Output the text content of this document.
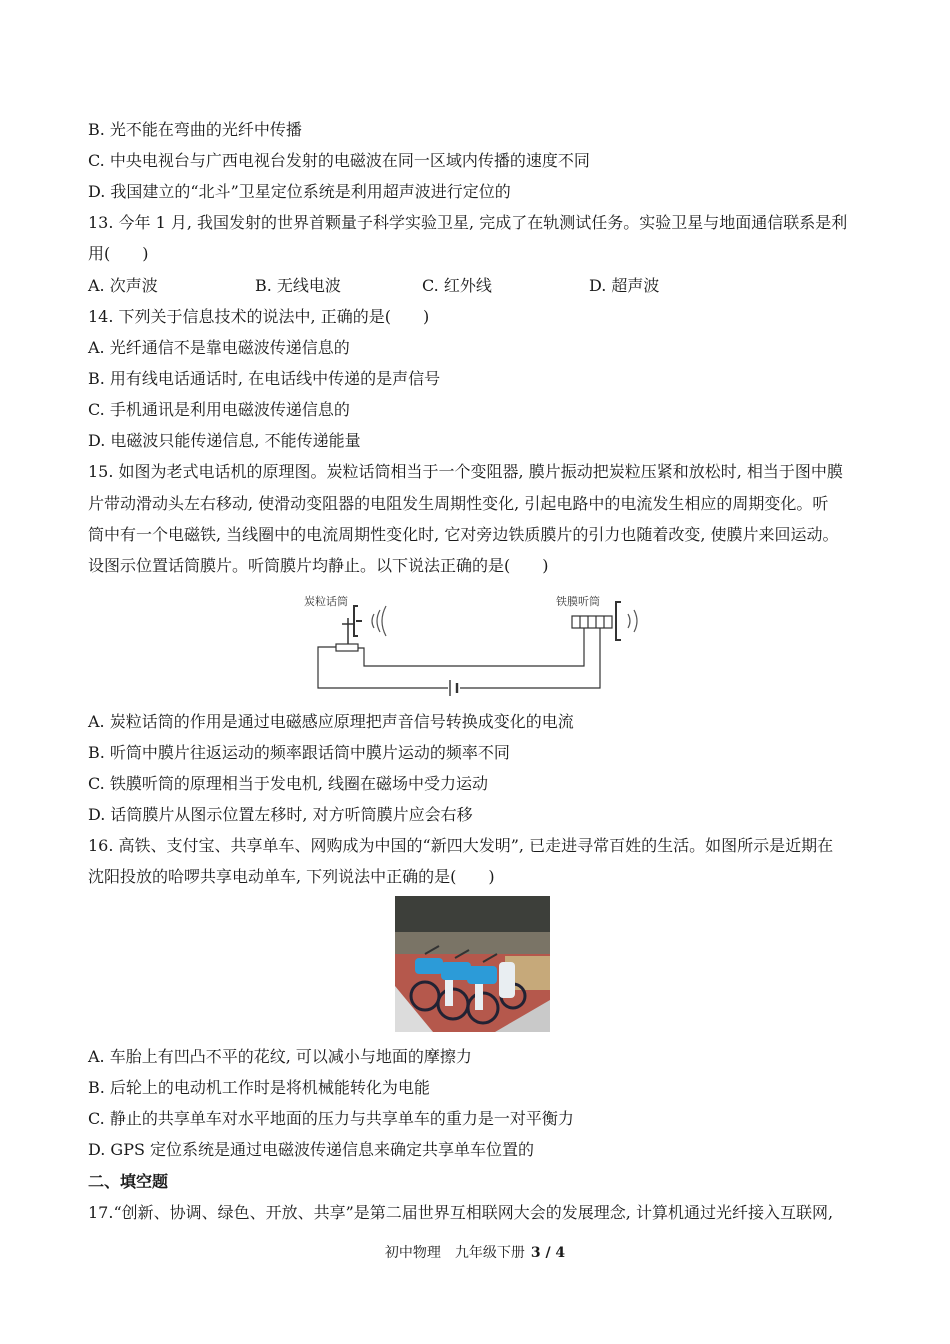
B. 光不能在弯曲的光纤中传播
C. 中央电视台与广西电视台发射的电磁波在同一区域内传播的速度不同
D. 我国建立的“北斗”卫星定位系统是利用超声波进行定位的
13. 今年 1 月, 我国发射的世界首颗量子科学实验卫星, 完成了在轨测试任务。实验卫星与地面通信联系是利
用(　　)
A. 次声波	B. 无线电波	C. 红外线	D. 超声波
14. 下列关于信息技术的说法中, 正确的是(　　)
A. 光纤通信不是靠电磁波传递信息的
B. 用有线电话通话时, 在电话线中传递的是声信号
C. 手机通讯是利用电磁波传递信息的
D. 电磁波只能传递信息, 不能传递能量
15. 如图为老式电话机的原理图。炭粒话筒相当于一个变阻器, 膜片振动把炭粒压紧和放松时, 相当于图中膜
片带动滑动头左右移动, 使滑动变阻器的电阻发生周期性变化, 引起电路中的电流发生相应的周期变化。听
筒中有一个电磁铁, 当线圈中的电流周期性变化时, 它对旁边铁质膜片的引力也随着改变, 使膜片来回运动。
设图示位置话筒膜片。听筒膜片均静止。以下说法正确的是(　　)
炭粒话筒	铁膜听筒
A. 炭粒话筒的作用是通过电磁感应原理把声音信号转换成变化的电流
B. 听筒中膜片往返运动的频率跟话筒中膜片运动的频率不同
C. 铁膜听筒的原理相当于发电机, 线圈在磁场中受力运动
D. 话筒膜片从图示位置左移时, 对方听筒膜片应会右移
16. 高铁、支付宝、共享单车、网购成为中国的“新四大发明”, 已走进寻常百姓的生活。如图所示是近期在
沈阳投放的哈啰共享电动单车, 下列说法中正确的是(　　)
A. 车胎上有凹凸不平的花纹, 可以减小与地面的摩擦力
B. 后轮上的电动机工作时是将机械能转化为电能
C. 静止的共享单车对水平地面的压力与共享单车的重力是一对平衡力
D. GPS 定位系统是通过电磁波传递信息来确定共享单车位置的
二、填空题
17.“创新、协调、绿色、开放、共享”是第二届世界互相联网大会的发展理念, 计算机通过光纤接入互联网,
初中物理　九年级下册 3 / 4
